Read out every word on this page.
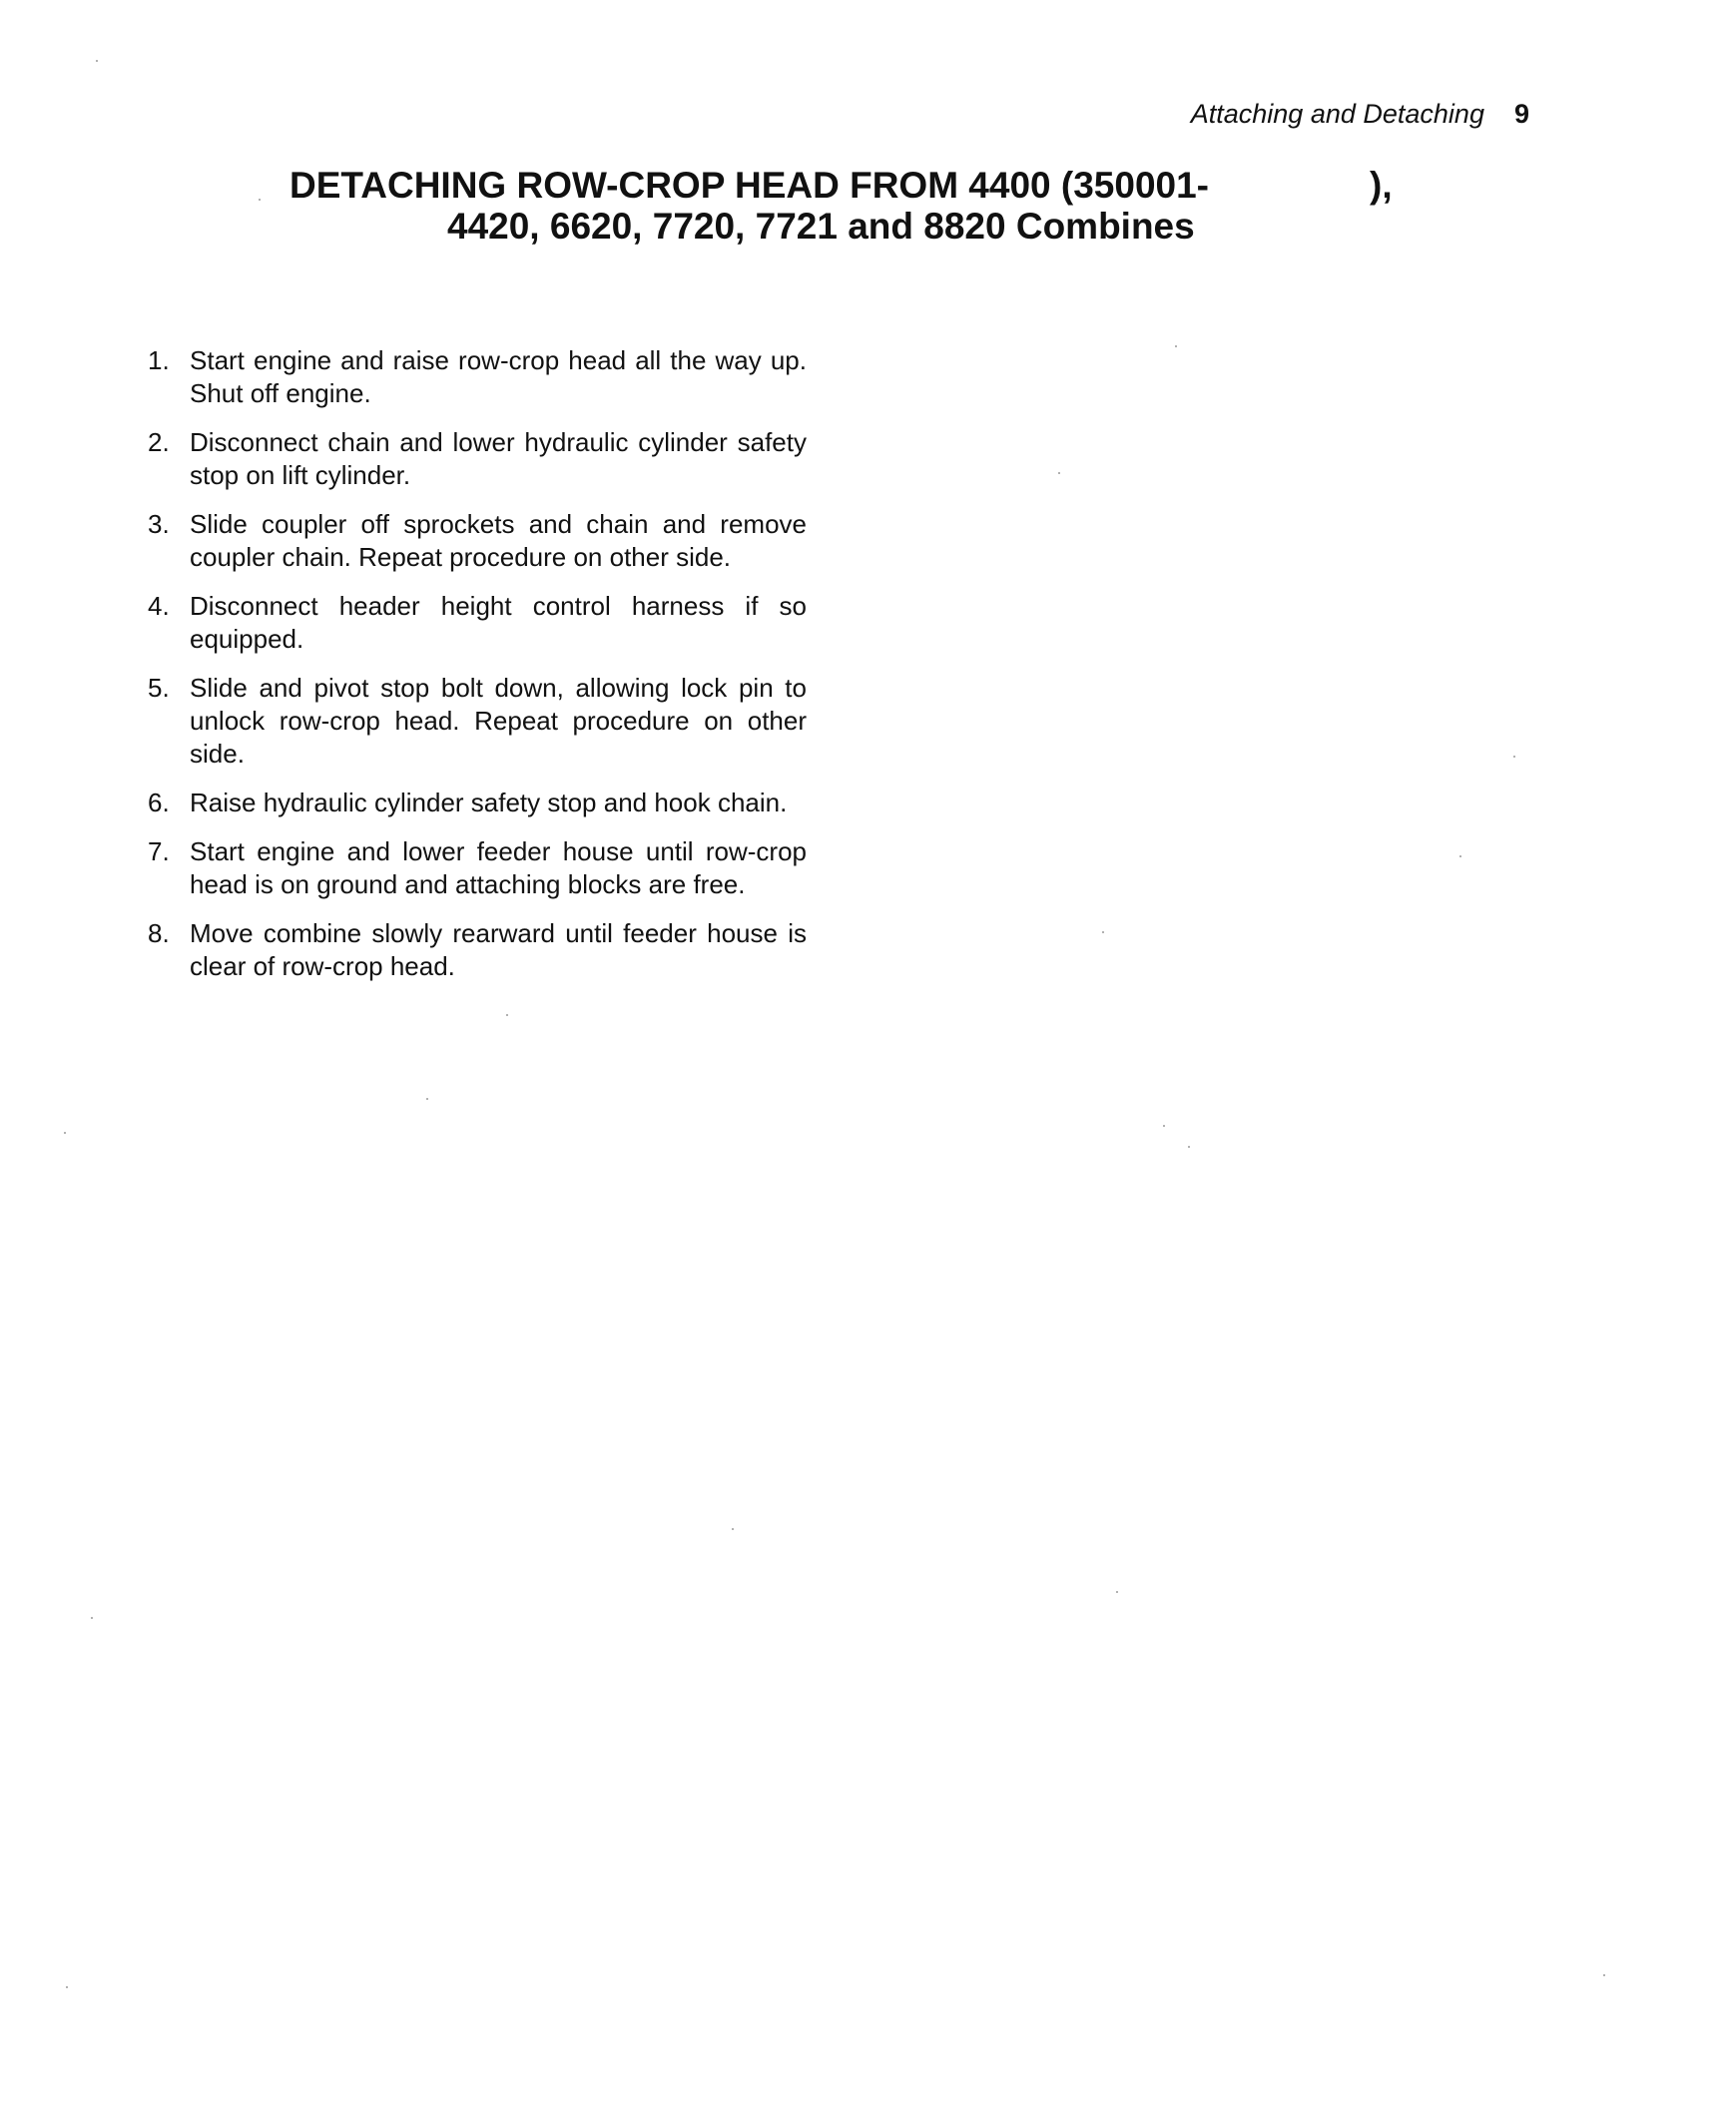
Attaching and Detaching 9
DETACHING ROW-CROP HEAD FROM 4400 (350001-	),
4420, 6620, 7720, 7721 and 8820 Combines
1. Start engine and raise row-crop head all the way up. Shut off engine.
2. Disconnect chain and lower hydraulic cylinder safety stop on lift cylinder.
3. Slide coupler off sprockets and chain and remove coupler chain. Repeat procedure on other side.
4. Disconnect header height control harness if so equipped.
5. Slide and pivot stop bolt down, allowing lock pin to unlock row-crop head. Repeat procedure on other side.
6. Raise hydraulic cylinder safety stop and hook chain.
7. Start engine and lower feeder house until row-crop head is on ground and attaching blocks are free.
8. Move combine slowly rearward until feeder house is clear of row-crop head.
